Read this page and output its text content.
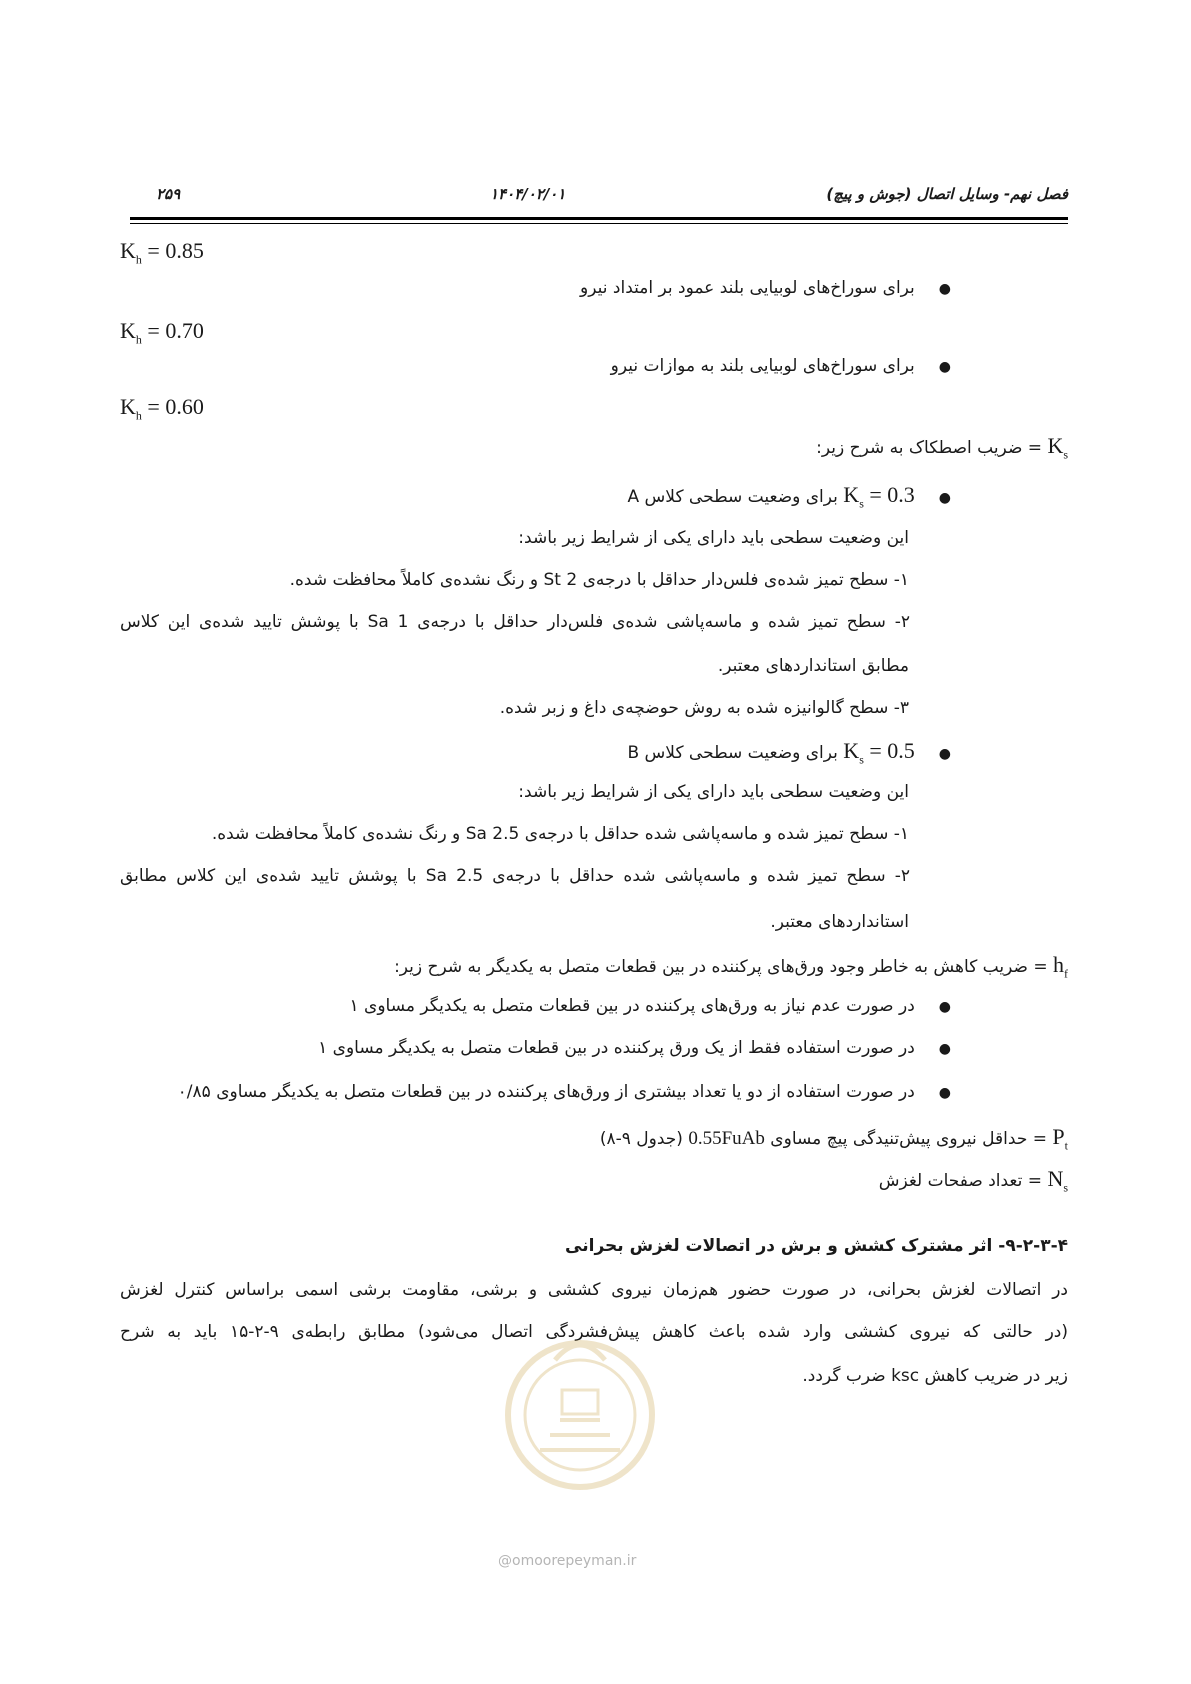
فصل نهم- وسایل اتصال (جوش و پیچ)
۱۴۰۴/۰۲/۰۱
۲۵۹
$K_h = 0.85$
●برای سوراخ‌های لوبیایی بلند عمود بر امتداد نیرو
$K_h = 0.70$
●برای سوراخ‌های لوبیایی بلند به موازات نیرو
$K_h = 0.60$
$K_s$ = ضریب اصطکاک به شرح زیر:
$●K_s = 0.3$ برای وضعیت سطحی کلاس A
این وضعیت سطحی باید دارای یکی از شرایط زیر باشد:
۱- سطح تمیز شده‌ی فلس‌دار حداقل با درجه‌ی St 2 و رنگ نشده‌ی کاملاً محافظت شده.
۲- سطح تمیز شده و ماسه‌پاشی شده‌ی فلس‌دار حداقل با درجه‌ی Sa 1 با پوشش تایید شده‌ی این کلاس
مطابق استانداردهای معتبر.
۳- سطح گالوانیزه شده به روش حوضچه‌ی داغ و زبر شده.
$●K_s = 0.5$ برای وضعیت سطحی کلاس B
این وضعیت سطحی باید دارای یکی از شرایط زیر باشد:
۱- سطح تمیز شده و ماسه‌پاشی شده حداقل با درجه‌ی Sa 2.5 و رنگ نشده‌ی کاملاً محافظت شده.
۲- سطح تمیز شده و ماسه‌پاشی شده حداقل با درجه‌ی Sa 2.5 با پوشش تایید شده‌ی این کلاس مطابق
استانداردهای معتبر.
$h_f$ = ضریب کاهش به خاطر وجود ورق‌های پرکننده در بین قطعات متصل به یکدیگر به شرح زیر:
●در صورت عدم نیاز به ورق‌های پرکننده در بین قطعات متصل به یکدیگر مساوی ۱
●در صورت استفاده فقط از یک ورق پرکننده در بین قطعات متصل به یکدیگر مساوی ۱
●در صورت استفاده از دو یا تعداد بیشتری از ورق‌های پرکننده در بین قطعات متصل به یکدیگر مساوی ۰/۸۵
$P_t$ = حداقل نیروی پیش‌تنیدگی پیچ مساوی 0.55FuAb (جدول ۹-۸)
$N_s$ = تعداد صفحات لغزش
۹-۲-۳-۴- اثر مشترک کشش و برش در اتصالات لغزش بحرانی
در اتصالات لغزش بحرانی، در صورت حضور هم‌زمان نیروی کششی و برشی، مقاومت برشی اسمی براساس کنترل لغزش
(در حالتی که نیروی کششی وارد شده باعث کاهش پیش‌فشردگی اتصال می‌شود) مطابق رابطه‌ی ۹-۲-۱۵ باید به شرح
زیر در ضریب کاهش ksc ضرب گردد.
@omoorepeyman.ir
